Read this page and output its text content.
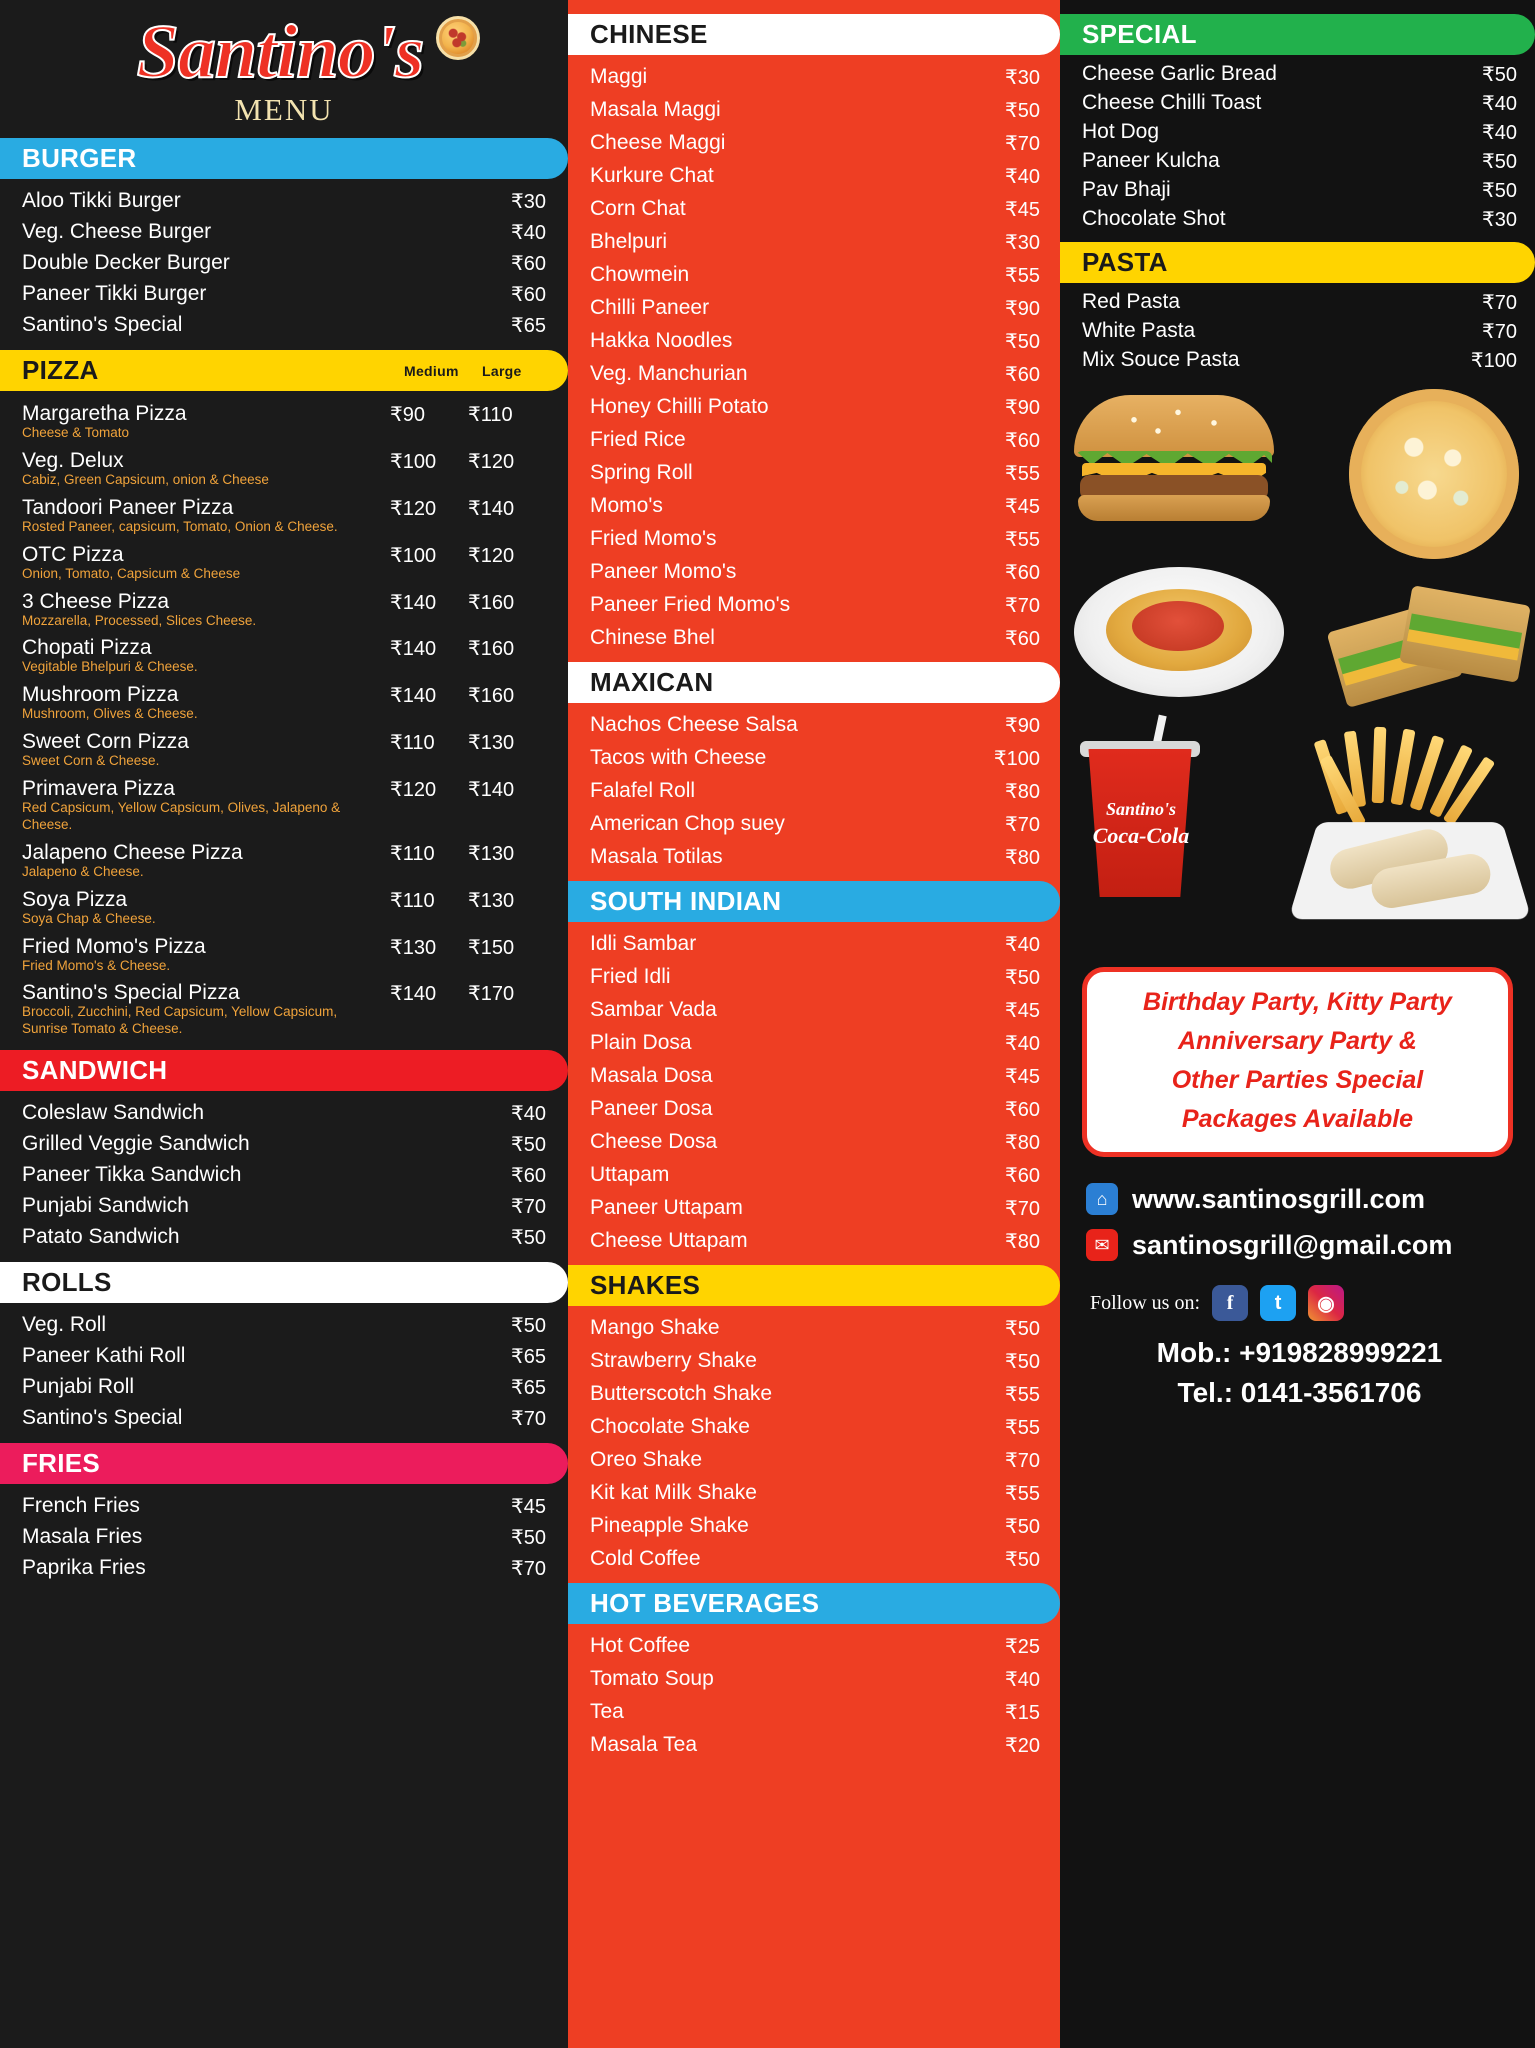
Santino's
MENU
BURGER
Aloo Tikki Burger	₹30
Veg. Cheese Burger	₹40
Double Decker Burger	₹60
Paneer Tikki Burger	₹60
Santino's Special	₹65
PIZZA	Medium	Large
Margaretha Pizza	₹90	₹110
Cheese & Tomato
Veg. Delux	₹100	₹120
Cabiz, Green Capsicum, onion & Cheese
Tandoori Paneer Pizza	₹120	₹140
Rosted Paneer, capsicum, Tomato, Onion & Cheese.
OTC Pizza	₹100	₹120
Onion, Tomato, Capsicum & Cheese
3 Cheese Pizza	₹140	₹160
Mozzarella, Processed, Slices Cheese.
Chopati Pizza	₹140	₹160
Vegitable Bhelpuri & Cheese.
Mushroom Pizza	₹140	₹160
Mushroom, Olives & Cheese.
Sweet Corn Pizza	₹110	₹130
Sweet Corn & Cheese.
Primavera Pizza	₹120	₹140
Red Capsicum, Yellow Capsicum, Olives, Jalapeno & Cheese.
Jalapeno Cheese Pizza	₹110	₹130
Jalapeno & Cheese.
Soya Pizza	₹110	₹130
Soya Chap & Cheese.
Fried Momo's Pizza	₹130	₹150
Fried Momo's & Cheese.
Santino's Special Pizza	₹140	₹170
Broccoli, Zucchini, Red Capsicum, Yellow Capsicum, Sunrise Tomato & Cheese.
SANDWICH
Coleslaw Sandwich	₹40
Grilled Veggie Sandwich	₹50
Paneer Tikka Sandwich	₹60
Punjabi Sandwich	₹70
Patato Sandwich	₹50
ROLLS
Veg. Roll	₹50
Paneer Kathi Roll	₹65
Punjabi Roll	₹65
Santino's Special	₹70
FRIES
French Fries	₹45
Masala Fries	₹50
Paprika Fries	₹70
CHINESE
Maggi	₹30
Masala Maggi	₹50
Cheese Maggi	₹70
Kurkure Chat	₹40
Corn Chat	₹45
Bhelpuri	₹30
Chowmein	₹55
Chilli Paneer	₹90
Hakka Noodles	₹50
Veg. Manchurian	₹60
Honey Chilli Potato	₹90
Fried Rice	₹60
Spring Roll	₹55
Momo's	₹45
Fried Momo's	₹55
Paneer Momo's	₹60
Paneer Fried Momo's	₹70
Chinese Bhel	₹60
MAXICAN
Nachos Cheese Salsa	₹90
Tacos with Cheese	₹100
Falafel Roll	₹80
American Chop suey	₹70
Masala Totilas	₹80
SOUTH INDIAN
Idli Sambar	₹40
Fried Idli	₹50
Sambar Vada	₹45
Plain Dosa	₹40
Masala Dosa	₹45
Paneer Dosa	₹60
Cheese Dosa	₹80
Uttapam	₹60
Paneer Uttapam	₹70
Cheese Uttapam	₹80
SHAKES
Mango Shake	₹50
Strawberry Shake	₹50
Butterscotch Shake	₹55
Chocolate Shake	₹55
Oreo Shake	₹70
Kit kat Milk Shake	₹55
Pineapple Shake	₹50
Cold Coffee	₹50
HOT BEVERAGES
Hot Coffee	₹25
Tomato Soup	₹40
Tea	₹15
Masala Tea	₹20
SPECIAL
Cheese Garlic Bread	₹50
Cheese Chilli Toast	₹40
Hot Dog	₹40
Paneer Kulcha	₹50
Pav Bhaji	₹50
Chocolate Shot	₹30
PASTA
Red Pasta	₹70
White Pasta	₹70
Mix Souce Pasta	₹100
Santino's
Coca-Cola

Birthday Party, Kitty Party

Anniversary Party &

Other Parties Special

Packages Available

⌂ www.santinosgrill.com
✉ santinosgrill@gmail.com
Follow us on:	f	t	◉
Mob.: +919828999221
Tel.: 0141-3561706
